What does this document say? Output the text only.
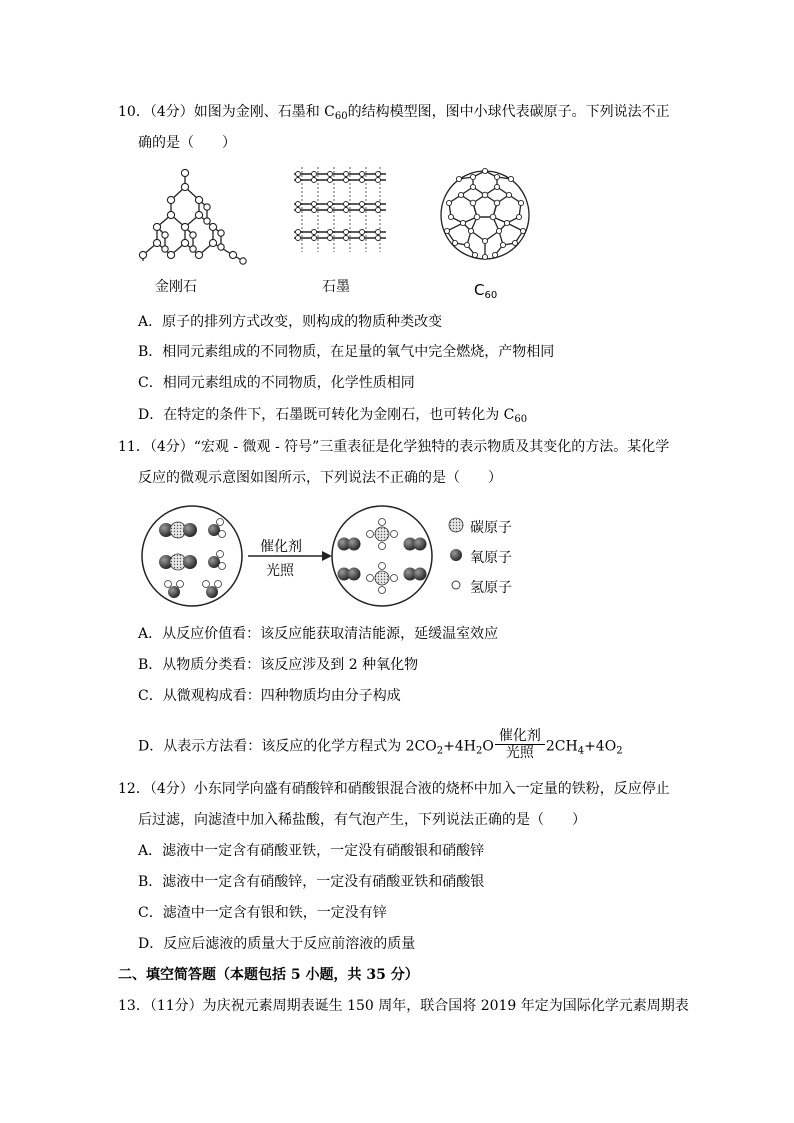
10．（4分）如图为金刚、石墨和 $C_{60}$的结构模型图，图中小球代表碳原子。下列说法不正
确的是（　　）
金刚石	石墨	$C_{60}$
A．原子的排列方式改变，则构成的物质种类改变
B．相同元素组成的不同物质，在足量的氧气中完全燃烧，产物相同
C．相同元素组成的不同物质，化学性质相同
D．在特定的条件下，石墨既可转化为金刚石，也可转化为 $C_{60}$
11．（4分）“宏观 - 微观 - 符号”三重表征是化学独特的表示物质及其变化的方法。某化学
反应的微观示意图如图所示，下列说法不正确的是（　　）
催化剂
光照
碳原子
氧原子
氢原子
A．从反应价值看：该反应能获取清洁能源，延缓温室效应
B．从物质分类看：该反应涉及到 2 种氧化物
C．从微观构成看：四种物质均由分子构成
D．从表示方法看：该反应的化学方程式为 $2CO_2+4H_2O \frac{\text{催化剂}}{\text{光照}} 2CH_4+4O_2$
12．（4分）小东同学向盛有硝酸锌和硝酸银混合液的烧杯中加入一定量的铁粉，反应停止
后过滤，向滤渣中加入稀盐酸，有气泡产生，下列说法正确的是（　　）
A．滤液中一定含有硝酸亚铁，一定没有硝酸银和硝酸锌
B．滤液中一定含有硝酸锌，一定没有硝酸亚铁和硝酸银
C．滤渣中一定含有银和铁，一定没有锌
D．反应后滤液的质量大于反应前溶液的质量
二、填空简答题（本题包括 5 小题，共 35 分）
13．（11分）为庆祝元素周期表诞生 150 周年，联合国将 2019 年定为国际化学元素周期表
